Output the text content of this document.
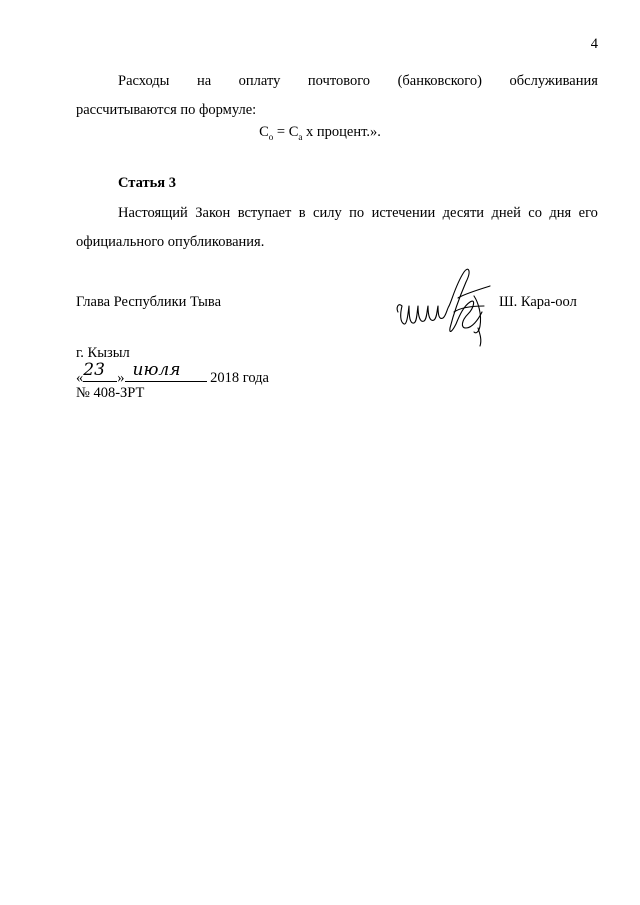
4
Расходы на оплату почтового (банковского) обслуживания
рассчитываются по формуле:
$С_о = С_а$ х процент.».
Статья 3
Настоящий Закон вступает в силу по истечении десяти дней со дня его
официального опубликования.
Глава Республики Тыва	Ш. Кара-оол
г. Кызыл
« 23 » июля 2018 года
№ 408-ЗРТ
